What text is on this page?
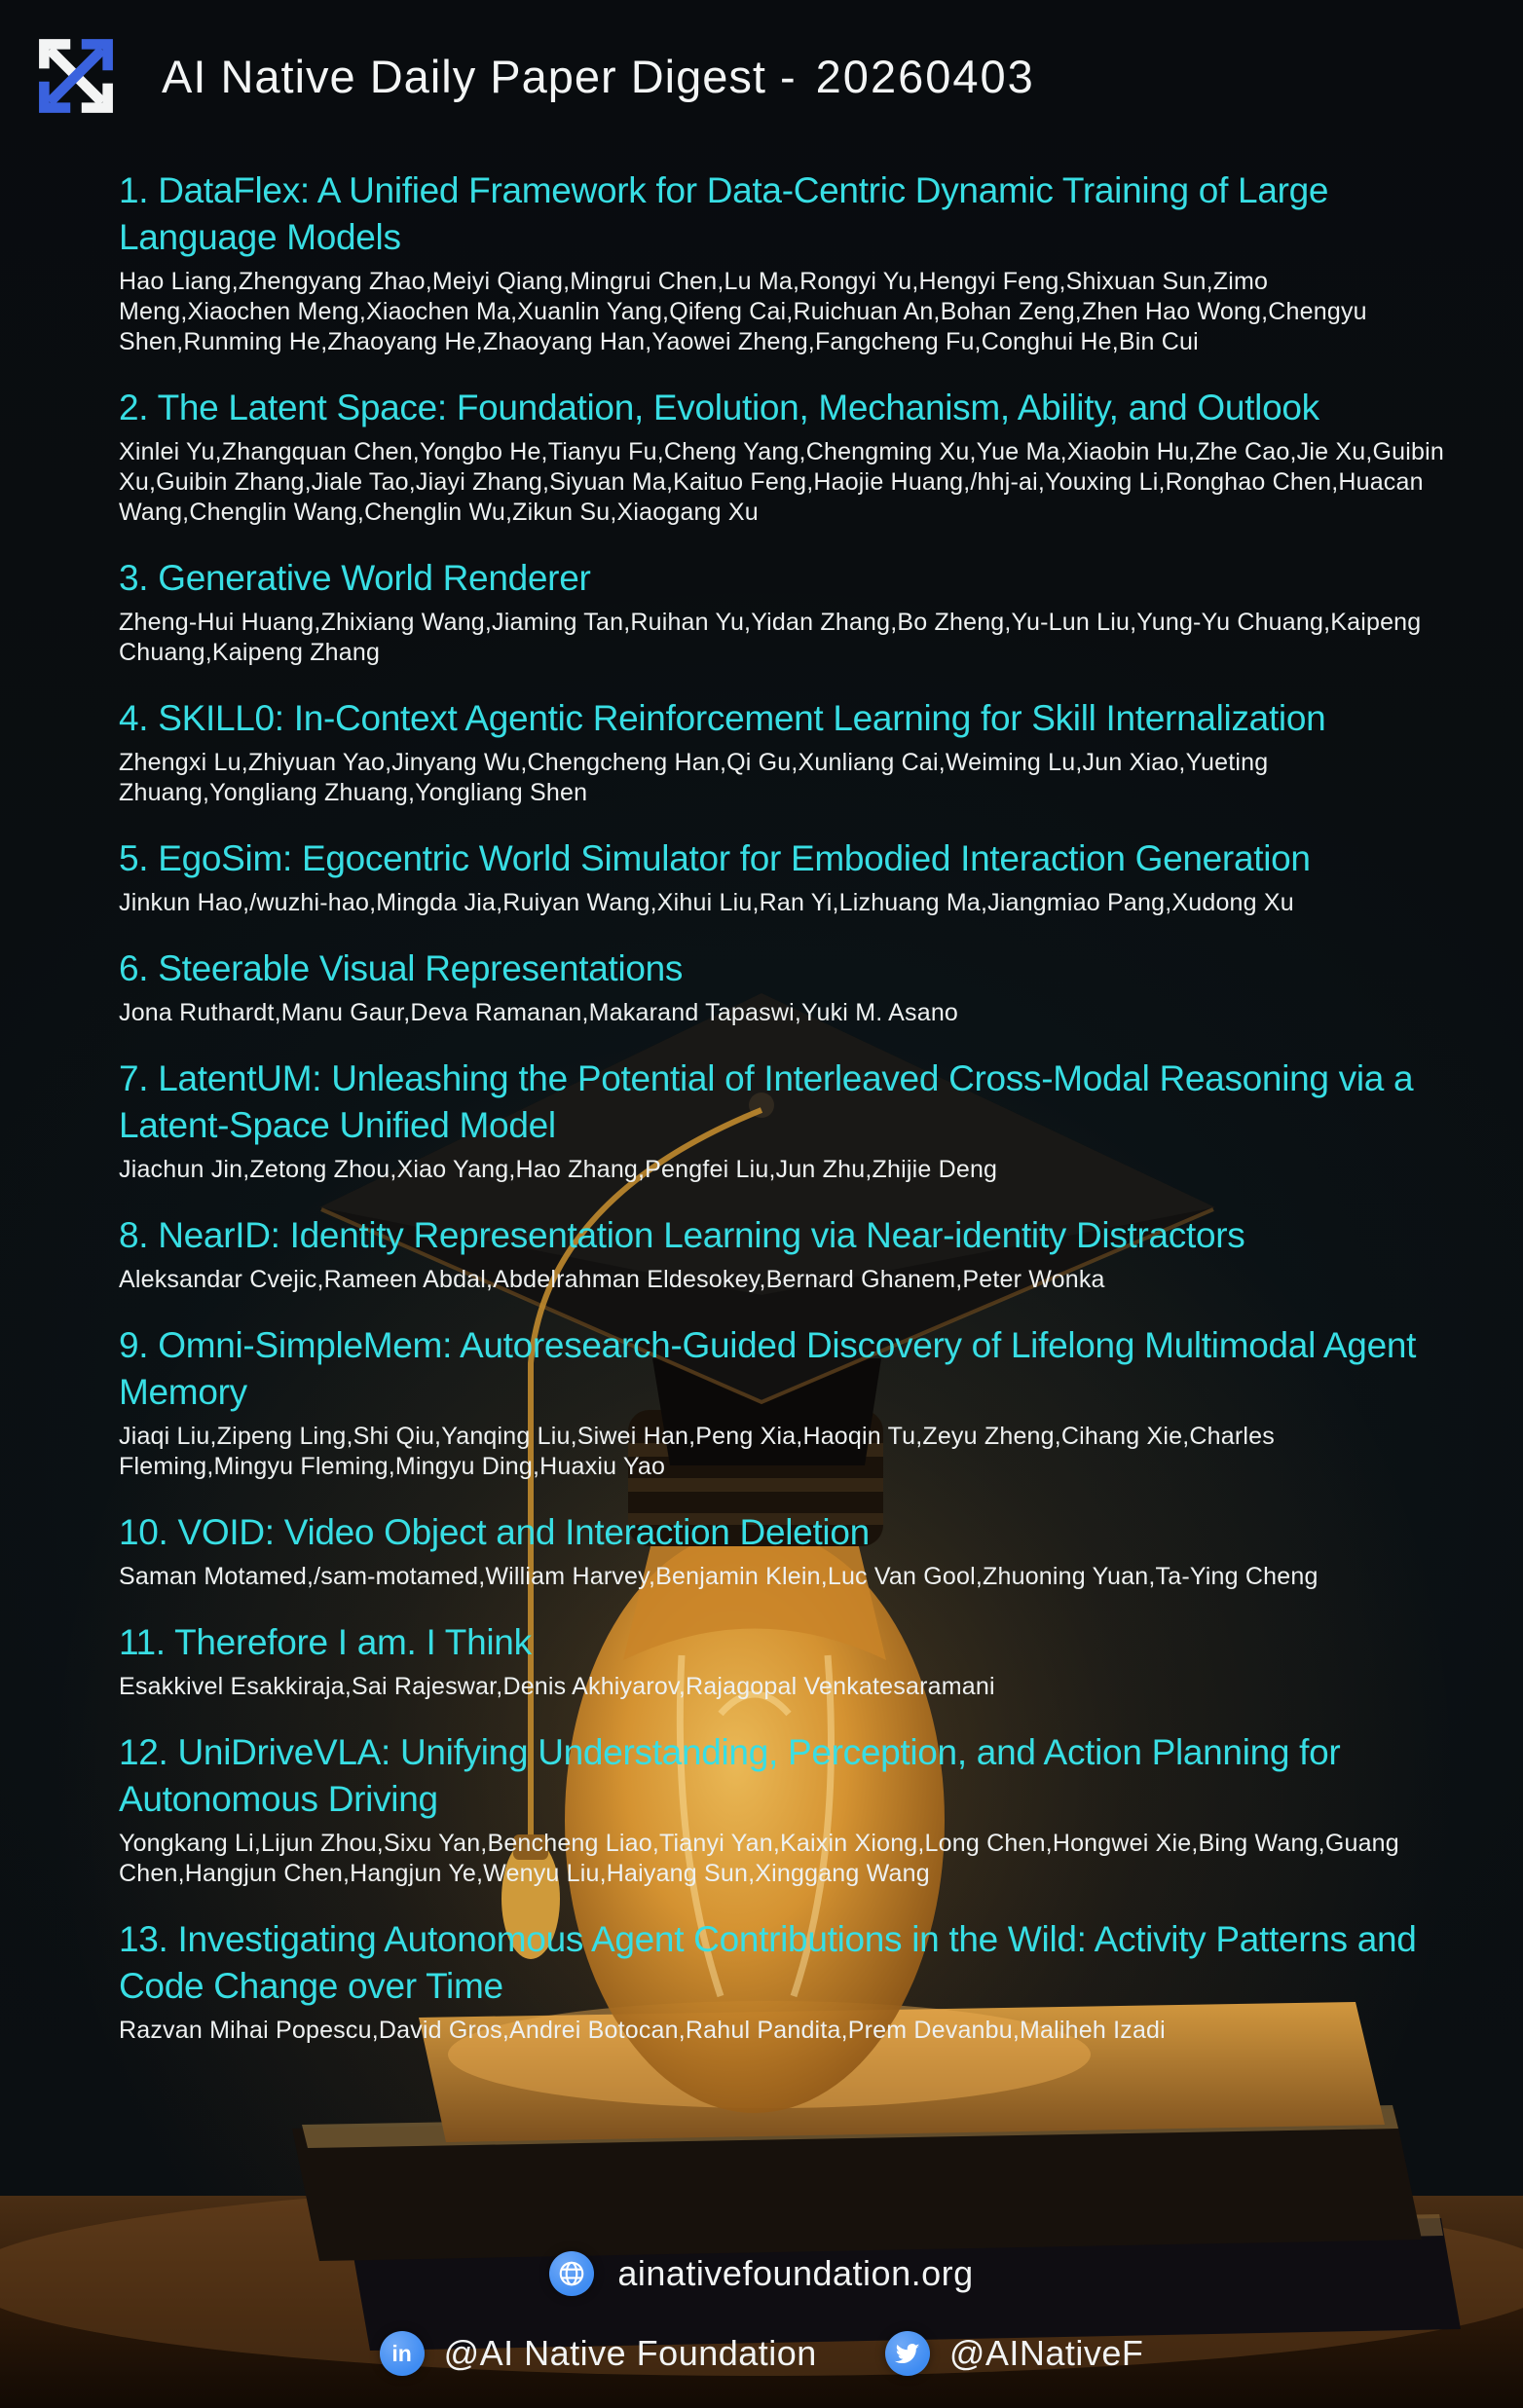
AI Native Daily Paper Digest - 20260403
1. DataFlex: A Unified Framework for Data-Centric Dynamic Training of Large Language Models
Hao Liang,Zhengyang Zhao,Meiyi Qiang,Mingrui Chen,Lu Ma,Rongyi Yu,Hengyi Feng,Shixuan Sun,Zimo Meng,Xiaochen Meng,Xiaochen Ma,Xuanlin Yang,Qifeng Cai,Ruichuan An,Bohan Zeng,Zhen Hao Wong,Chengyu Shen,Runming He,Zhaoyang He,Zhaoyang Han,Yaowei Zheng,Fangcheng Fu,Conghui He,Bin Cui
2. The Latent Space: Foundation, Evolution, Mechanism, Ability, and Outlook
Xinlei Yu,Zhangquan Chen,Yongbo He,Tianyu Fu,Cheng Yang,Chengming Xu,Yue Ma,Xiaobin Hu,Zhe Cao,Jie Xu,Guibin Xu,Guibin Zhang,Jiale Tao,Jiayi Zhang,Siyuan Ma,Kaituo Feng,Haojie Huang,/hhj-ai,Youxing Li,Ronghao Chen,Huacan Wang,Chenglin Wang,Chenglin Wu,Zikun Su,Xiaogang Xu
3. Generative World Renderer
Zheng-Hui Huang,Zhixiang Wang,Jiaming Tan,Ruihan Yu,Yidan Zhang,Bo Zheng,Yu-Lun Liu,Yung-Yu Chuang,Kaipeng Chuang,Kaipeng Zhang
4. SKILL0: In-Context Agentic Reinforcement Learning for Skill Internalization
Zhengxi Lu,Zhiyuan Yao,Jinyang Wu,Chengcheng Han,Qi Gu,Xunliang Cai,Weiming Lu,Jun Xiao,Yueting Zhuang,Yongliang Zhuang,Yongliang Shen
5. EgoSim: Egocentric World Simulator for Embodied Interaction Generation
Jinkun Hao,/wuzhi-hao,Mingda Jia,Ruiyan Wang,Xihui Liu,Ran Yi,Lizhuang Ma,Jiangmiao Pang,Xudong Xu
6. Steerable Visual Representations
Jona Ruthardt,Manu Gaur,Deva Ramanan,Makarand Tapaswi,Yuki M. Asano
7. LatentUM: Unleashing the Potential of Interleaved Cross-Modal Reasoning via a Latent-Space Unified Model
Jiachun Jin,Zetong Zhou,Xiao Yang,Hao Zhang,Pengfei Liu,Jun Zhu,Zhijie Deng
8. NearID: Identity Representation Learning via Near-identity Distractors
Aleksandar Cvejic,Rameen Abdal,Abdelrahman Eldesokey,Bernard Ghanem,Peter Wonka
9. Omni-SimpleMem: Autoresearch-Guided Discovery of Lifelong Multimodal Agent Memory
Jiaqi Liu,Zipeng Ling,Shi Qiu,Yanqing Liu,Siwei Han,Peng Xia,Haoqin Tu,Zeyu Zheng,Cihang Xie,Charles Fleming,Mingyu Fleming,Mingyu Ding,Huaxiu Yao
10. VOID: Video Object and Interaction Deletion
Saman Motamed,/sam-motamed,William Harvey,Benjamin Klein,Luc Van Gool,Zhuoning Yuan,Ta-Ying Cheng
11. Therefore I am. I Think
Esakkivel Esakkiraja,Sai Rajeswar,Denis Akhiyarov,Rajagopal Venkatesaramani
12. UniDriveVLA: Unifying Understanding, Perception, and Action Planning for Autonomous Driving
Yongkang Li,Lijun Zhou,Sixu Yan,Bencheng Liao,Tianyi Yan,Kaixin Xiong,Long Chen,Hongwei Xie,Bing Wang,Guang Chen,Hangjun Chen,Hangjun Ye,Wenyu Liu,Haiyang Sun,Xinggang Wang
13. Investigating Autonomous Agent Contributions in the Wild: Activity Patterns and Code Change over Time
Razvan Mihai Popescu,David Gros,Andrei Botocan,Rahul Pandita,Prem Devanbu,Maliheh Izadi
ainativefoundation.org
in @AI Native Foundation	@AINativeF
